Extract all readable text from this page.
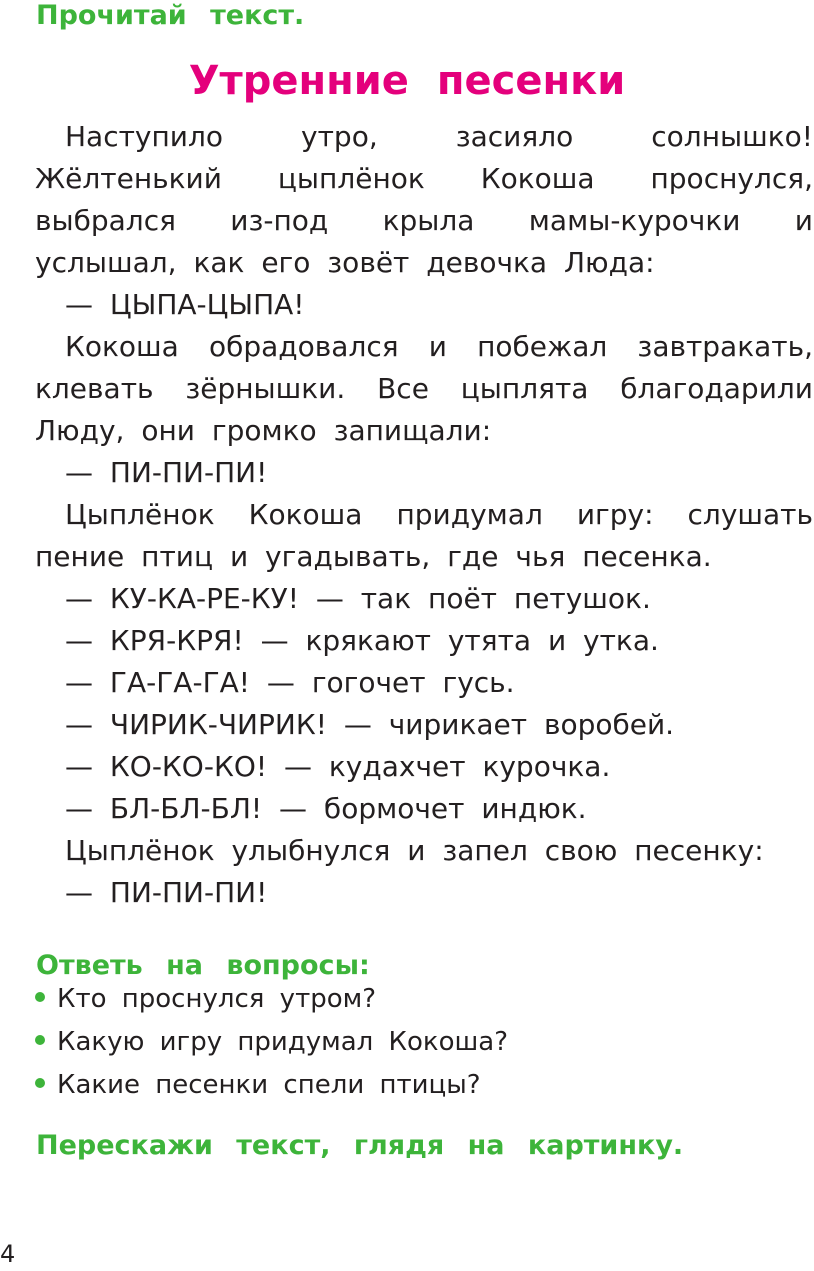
Прочитай текст.
Утренние песенки

Наступило утро, засияло солнышко! Жёлтенький цыплёнок Кокоша проснулся, выбрался из-под крыла мамы-курочки и услышал, как его зовёт девочка Люда:

— ЦЫПА-ЦЫПА!

Кокоша обрадовался и побежал завтракать, клевать зёрнышки. Все цыплята благодарили Люду, они громко запищали:

— ПИ-ПИ-ПИ!

Цыплёнок Кокоша придумал игру: слушать пение птиц и угадывать, где чья песенка.

— КУ-КА-РЕ-КУ! — так поёт петушок.

— КРЯ-КРЯ! — крякают утята и утка.

— ГА-ГА-ГА! — гогочет гусь.

— ЧИРИК-ЧИРИК! — чирикает воробей.

— КО-КО-КО! — кудахчет курочка.

— БЛ-БЛ-БЛ! — бормочет индюк.

Цыплёнок улыбнулся и запел свою песенку:

— ПИ-ПИ-ПИ!

Ответь на вопросы:
Кто проснулся утром?
Какую игру придумал Кокоша?
Какие песенки спели птицы?
Перескажи текст, глядя на картинку.
4
